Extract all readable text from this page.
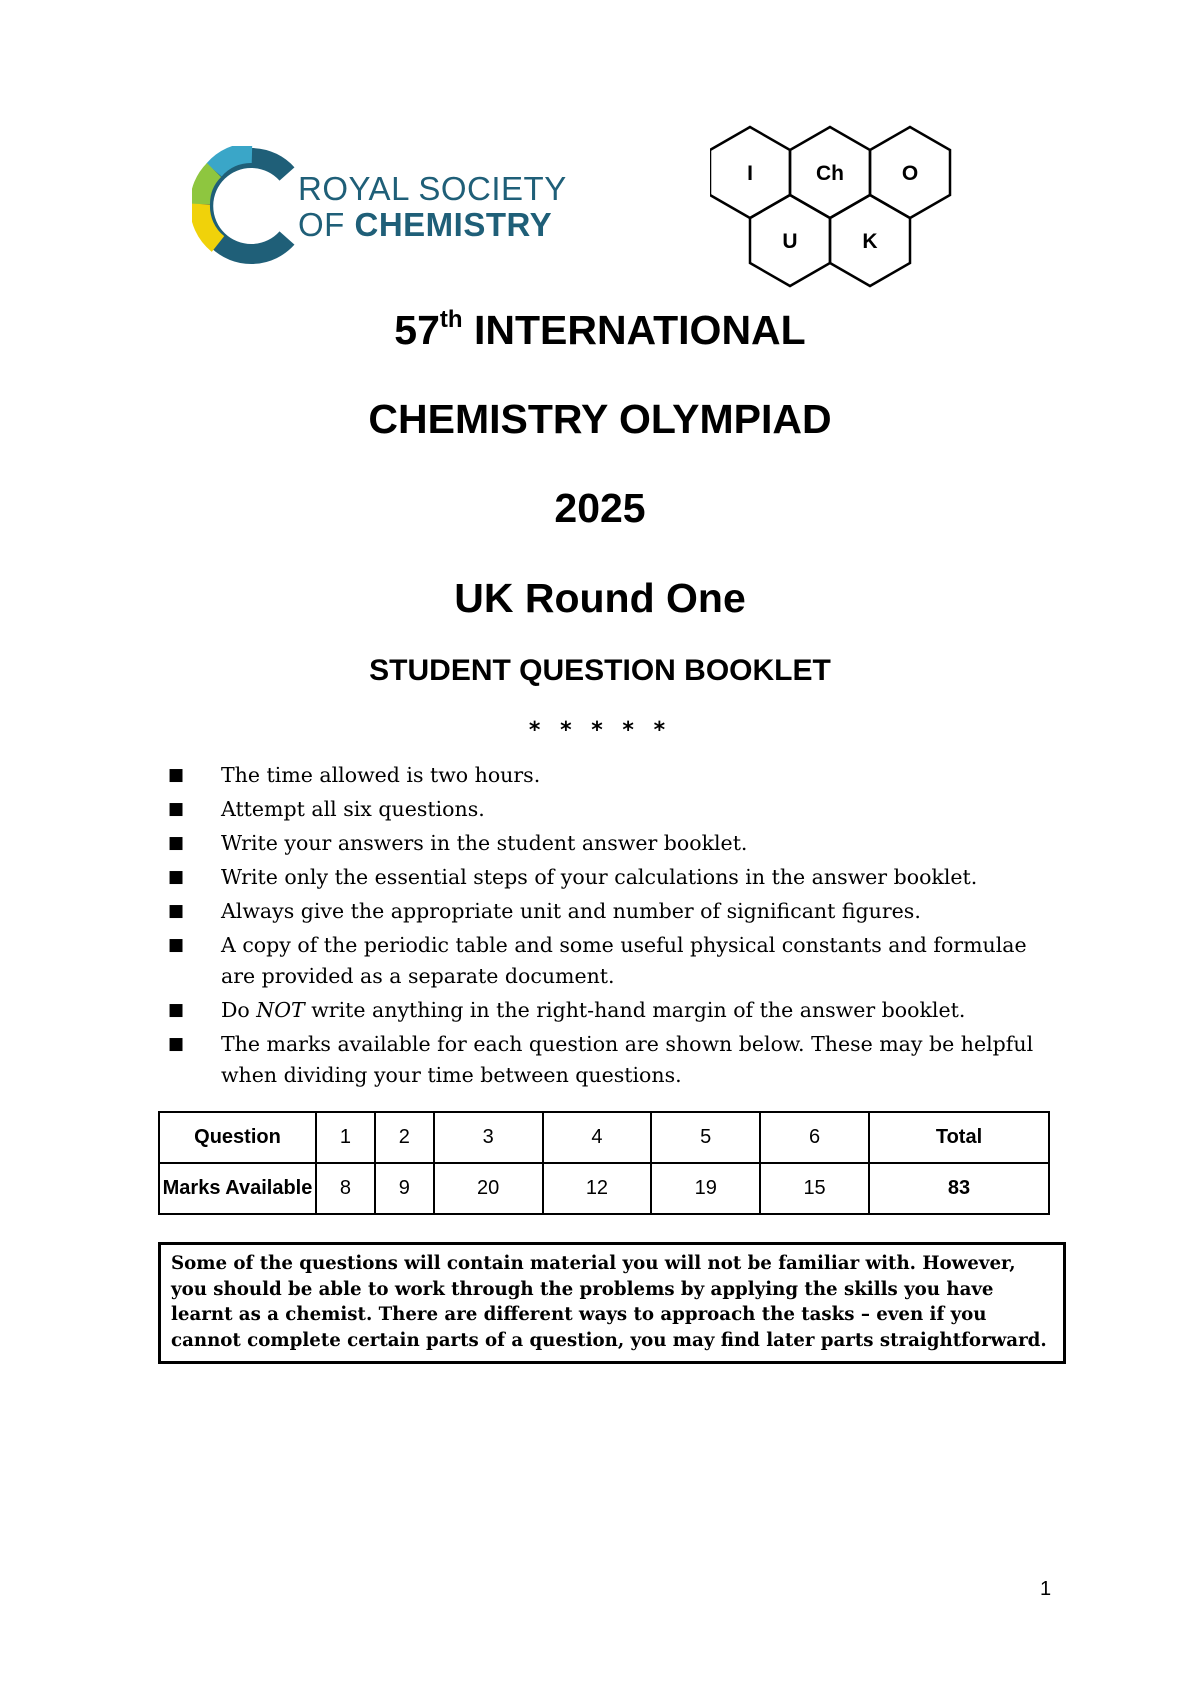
ROYAL SOCIETY
OF CHEMISTRY
I	Ch	O
U	K
57th INTERNATIONAL
CHEMISTRY OLYMPIAD
2025
UK Round One
STUDENT QUESTION BOOKLET
* * * * *
■ The time allowed is two hours.
■ Attempt all six questions.
■ Write your answers in the student answer booklet.
■ Write only the essential steps of your calculations in the answer booklet.
■ Always give the appropriate unit and number of significant figures.
■ A copy of the periodic table and some useful physical constants and formulae are provided as a separate document.
■ Do NOT write anything in the right-hand margin of the answer booklet.
■ The marks available for each question are shown below. These may be helpful when dividing your time between questions.
Question	1	2	3	4	5	6	Total
Marks Available	8	9	20	12	19	15	83
Some of the questions will contain material you will not be familiar with. However, you should be able to work through the problems by applying the skills you have learnt as a chemist. There are different ways to approach the tasks – even if you cannot complete certain parts of a question, you may find later parts straightforward.
1
